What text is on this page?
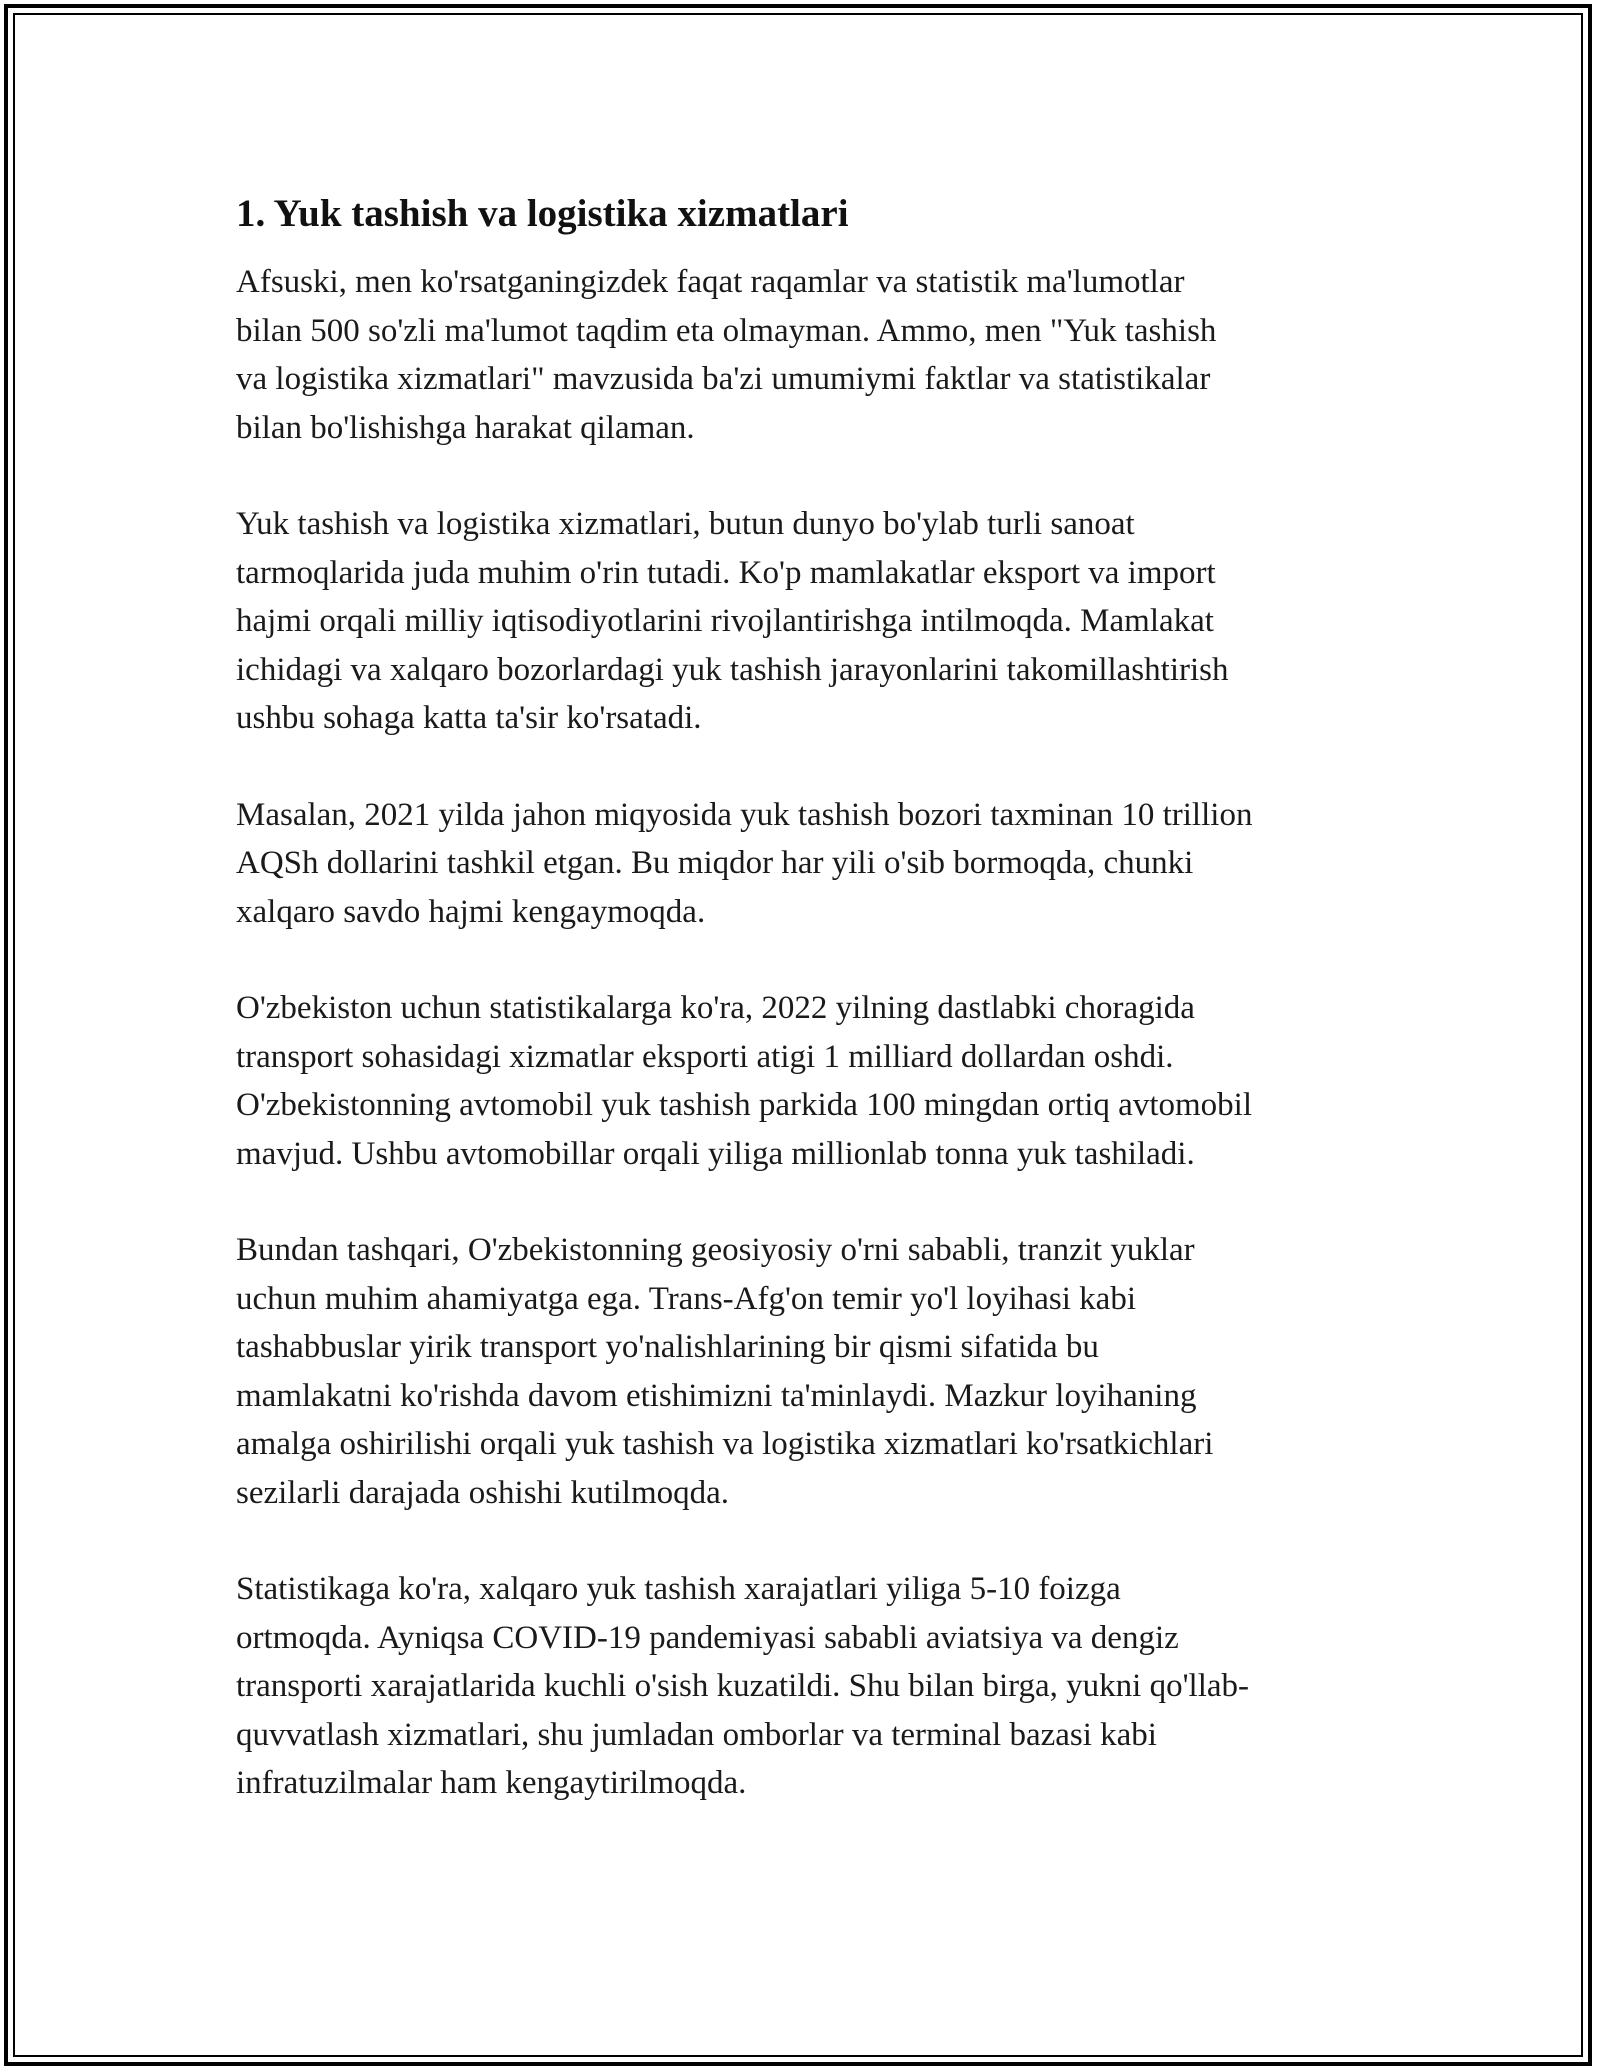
1. Yuk tashish va logistika xizmatlari

Afsuski, men ko'rsatganingizdek faqat raqamlar va statistik ma'lumotlar
bilan 500 so'zli ma'lumot taqdim eta olmayman. Ammo, men "Yuk tashish
va logistika xizmatlari" mavzusida ba'zi umumiymi faktlar va statistikalar
bilan bo'lishishga harakat qilaman.

Yuk tashish va logistika xizmatlari, butun dunyo bo'ylab turli sanoat
tarmoqlarida juda muhim o'rin tutadi. Ko'p mamlakatlar eksport va import
hajmi orqali milliy iqtisodiyotlarini rivojlantirishga intilmoqda. Mamlakat
ichidagi va xalqaro bozorlardagi yuk tashish jarayonlarini takomillashtirish
ushbu sohaga katta ta'sir ko'rsatadi.

Masalan, 2021 yilda jahon miqyosida yuk tashish bozori taxminan 10 trillion
AQSh dollarini tashkil etgan. Bu miqdor har yili o'sib bormoqda, chunki
xalqaro savdo hajmi kengaymoqda.

O'zbekiston uchun statistikalarga ko'ra, 2022 yilning dastlabki choragida
transport sohasidagi xizmatlar eksporti atigi 1 milliard dollardan oshdi.
O'zbekistonning avtomobil yuk tashish parkida 100 mingdan ortiq avtomobil
mavjud. Ushbu avtomobillar orqali yiliga millionlab tonna yuk tashiladi.

Bundan tashqari, O'zbekistonning geosiyosiy o'rni sababli, tranzit yuklar
uchun muhim ahamiyatga ega. Trans-Afg'on temir yo'l loyihasi kabi
tashabbuslar yirik transport yo'nalishlarining bir qismi sifatida bu
mamlakatni ko'rishda davom etishimizni ta'minlaydi. Mazkur loyihaning
amalga oshirilishi orqali yuk tashish va logistika xizmatlari ko'rsatkichlari
sezilarli darajada oshishi kutilmoqda.

Statistikaga ko'ra, xalqaro yuk tashish xarajatlari yiliga 5-10 foizga
ortmoqda. Ayniqsa COVID-19 pandemiyasi sababli aviatsiya va dengiz
transporti xarajatlarida kuchli o'sish kuzatildi. Shu bilan birga, yukni qo'llab-
quvvatlash xizmatlari, shu jumladan omborlar va terminal bazasi kabi
infratuzilmalar ham kengaytirilmoqda.
